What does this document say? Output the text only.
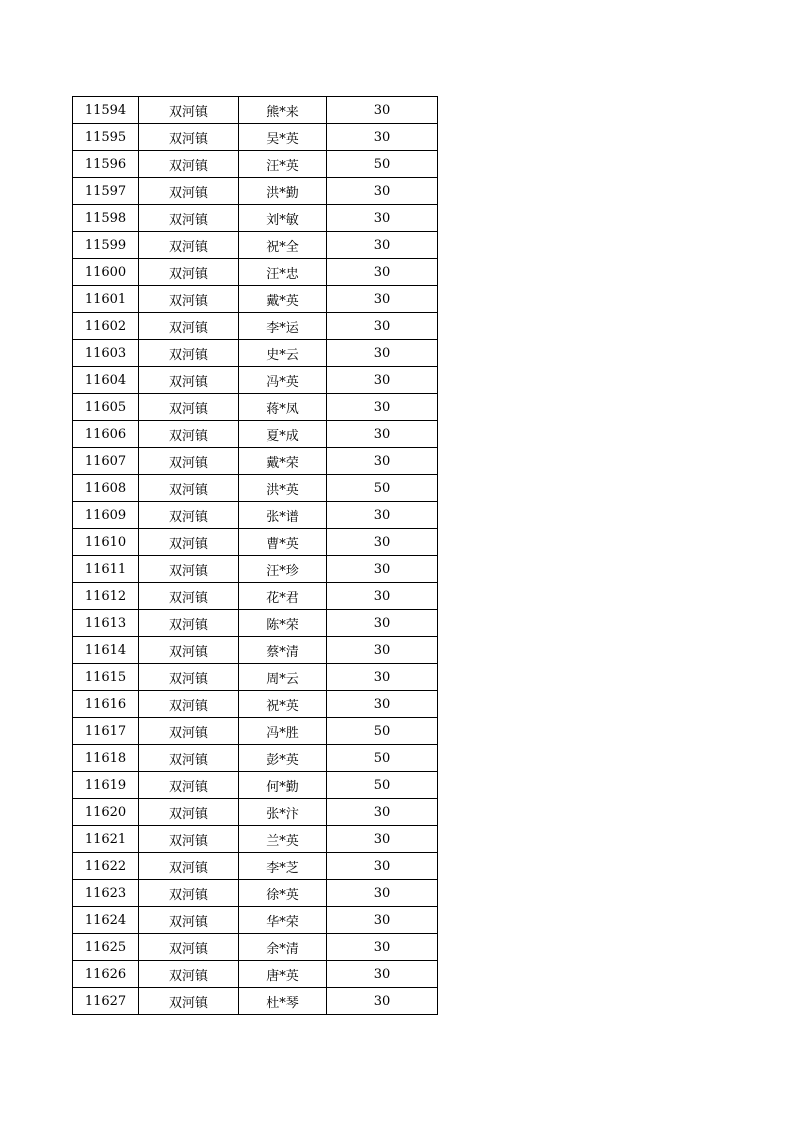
11594	双河镇	熊*来	30
11595	双河镇	吴*英	30
11596	双河镇	汪*英	50
11597	双河镇	洪*勤	30
11598	双河镇	刘*敏	30
11599	双河镇	祝*全	30
11600	双河镇	汪*忠	30
11601	双河镇	戴*英	30
11602	双河镇	李*运	30
11603	双河镇	史*云	30
11604	双河镇	冯*英	30
11605	双河镇	蒋*凤	30
11606	双河镇	夏*成	30
11607	双河镇	戴*荣	30
11608	双河镇	洪*英	50
11609	双河镇	张*谱	30
11610	双河镇	曹*英	30
11611	双河镇	汪*珍	30
11612	双河镇	花*君	30
11613	双河镇	陈*荣	30
11614	双河镇	蔡*清	30
11615	双河镇	周*云	30
11616	双河镇	祝*英	30
11617	双河镇	冯*胜	50
11618	双河镇	彭*英	50
11619	双河镇	何*勤	50
11620	双河镇	张*汴	30
11621	双河镇	兰*英	30
11622	双河镇	李*芝	30
11623	双河镇	徐*英	30
11624	双河镇	华*荣	30
11625	双河镇	余*清	30
11626	双河镇	唐*英	30
11627	双河镇	杜*琴	30
